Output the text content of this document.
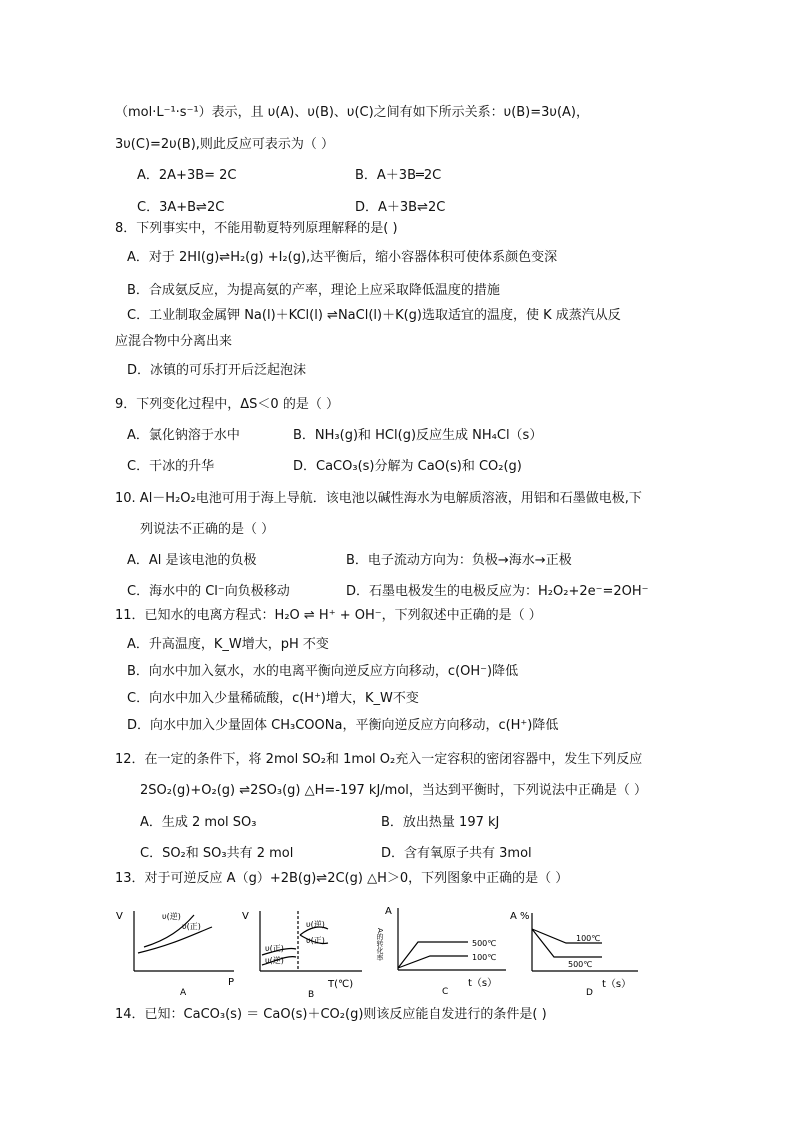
（mol·L⁻¹·s⁻¹）表示，且 υ(A)、υ(B)、υ(C)之间有如下所示关系：υ(B)=3υ(A)，
3υ(C)=2υ(B),则此反应可表示为（ ）
A．2A+3B= 2C	B．A＋3B═2C
C．3A+B⇌2C	D．A＋3B⇌2C
8．下列事实中，不能用勒夏特列原理解释的是( )
A．对于 2HI(g)⇌H₂(g) +I₂(g),达平衡后，缩小容器体积可使体系颜色变深
B．合成氨反应，为提高氨的产率，理论上应采取降低温度的措施
C．工业制取金属钾 Na(l)＋KCl(l) ⇌NaCl(l)＋K(g)选取适宜的温度，使 K 成蒸汽从反
应混合物中分离出来
D．冰镇的可乐打开后泛起泡沫
9．下列变化过程中，ΔS＜0 的是（ ）
A．氯化钠溶于水中	B．NH₃(g)和 HCl(g)反应生成 NH₄Cl（s）
C．干冰的升华	D．CaCO₃(s)分解为 CaO(s)和 CO₂(g)
10. Al－H₂O₂电池可用于海上导航．该电池以碱性海水为电解质溶液，用铝和石墨做电极,下
列说法不正确的是（ ）
A．Al 是该电池的负极	B．电子流动方向为：负极→海水→正极
C．海水中的 Cl⁻向负极移动	D．石墨电极发生的电极反应为：H₂O₂+2e⁻=2OH⁻
11．已知水的电离方程式：H₂O ⇌ H⁺ + OH⁻，下列叙述中正确的是（ ）
A．升高温度，K_W增大，pH 不变
B．向水中加入氨水，水的电离平衡向逆反应方向移动，c(OH⁻)降低
C．向水中加入少量稀硫酸，c(H⁺)增大，K_W不变
D．向水中加入少量固体 CH₃COONa，平衡向逆反应方向移动，c(H⁺)降低
12．在一定的条件下，将 2mol SO₂和 1mol O₂充入一定容积的密闭容器中，发生下列反应
2SO₂(g)+O₂(g) ⇌2SO₃(g) △H=-197 kJ/mol，当达到平衡时，下列说法中正确是（ ）
A．生成 2 mol SO₃	B．放出热量 197 kJ
C．SO₂和 SO₃共有 2 mol	D．含有氧原子共有 3mol
13．对于可逆反应 A（g）+2B(g)⇌2C(g) △H＞0，下列图象中正确的是（ ）
V
P
υ(逆)
υ(正)
A
V
T(℃)
υ(逆)
υ(正)
υ(正)
υ(逆)
B
A
A的转化率	500℃
100℃
t（s）
C
A %
100℃
500℃
t（s）
D
14．已知：CaCO₃(s) ＝ CaO(s)＋CO₂(g)则该反应能自发进行的条件是( )
